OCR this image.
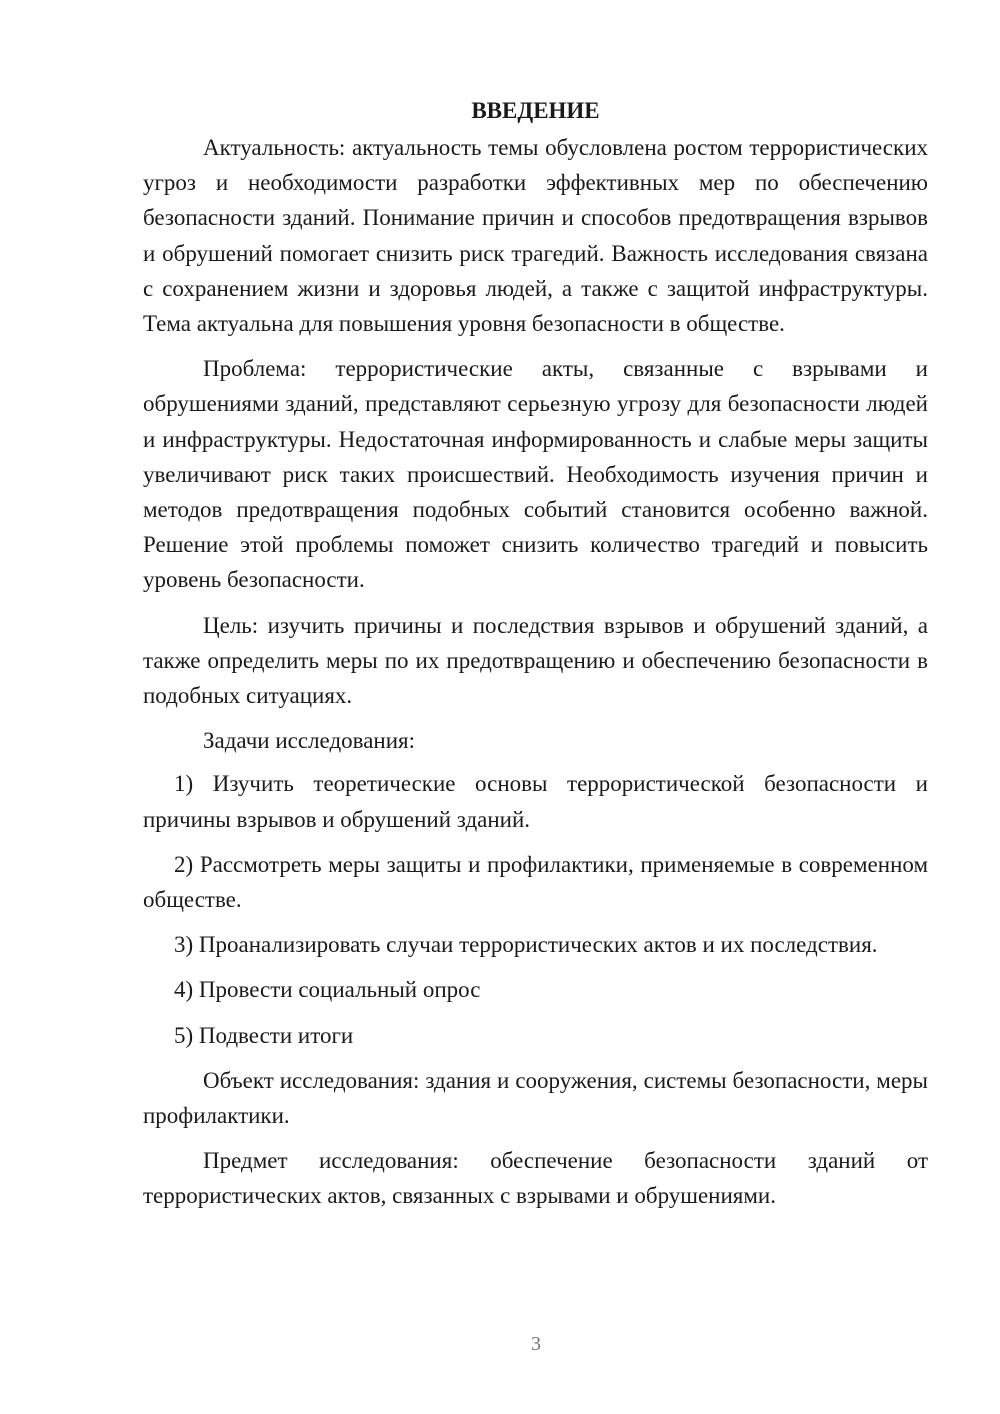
ВВЕДЕНИЕ

Актуальность: актуальность темы обусловлена ростом террористических угроз и необходимости разработки эффективных мер по обеспечению безопасности зданий. Понимание причин и способов предотвращения взрывов и обрушений помогает снизить риск трагедий. Важность исследования связана с сохранением жизни и здоровья людей, а также с защитой инфраструктуры. Тема актуальна для повышения уровня безопасности в обществе.

Проблема: террористические акты, связанные с взрывами и обрушениями зданий, представляют серьезную угрозу для безопасности людей и инфраструктуры. Недостаточная информированность и слабые меры защиты увеличивают риск таких происшествий. Необходимость изучения причин и методов предотвращения подобных событий становится особенно важной. Решение этой проблемы поможет снизить количество трагедий и повысить уровень безопасности.

Цель: изучить причины и последствия взрывов и обрушений зданий, а также определить меры по их предотвращению и обеспечению безопасности в подобных ситуациях.

Задачи исследования:

1) Изучить теоретические основы террористической безопасности и причины взрывов и обрушений зданий.

2) Рассмотреть меры защиты и профилактики, применяемые в современном обществе.

3) Проанализировать случаи террористических актов и их последствия.

4) Провести социальный опрос

5) Подвести итоги

Объект исследования: здания и сооружения, системы безопасности, меры профилактики.

Предмет исследования: обеспечение безопасности зданий от террористических актов, связанных с взрывами и обрушениями.

3
